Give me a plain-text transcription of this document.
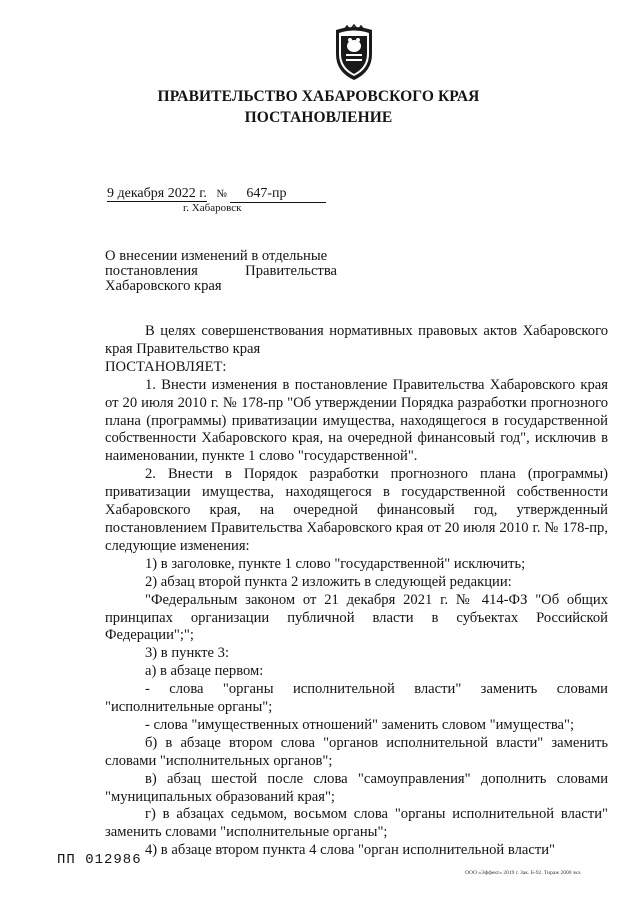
ПРАВИТЕЛЬСТВО ХАБАРОВСКОГО КРАЯ
ПОСТАНОВЛЕНИЕ
9 декабря 2022 г. № 647-пр
г. Хабаровск
О внесении изменений в отдельные
постановления Правительства
Хабаровского края

В целях совершенствования нормативных правовых актов Хабаровского края Правительство края

ПОСТАНОВЛЯЕТ:

1. Внести изменения в постановление Правительства Хабаровского края от 20 июля 2010 г. № 178-пр "Об утверждении Порядка разработки прогнозного плана (программы) приватизации имущества, находящегося в государственной собственности Хабаровского края, на очередной финансовый год", исключив в наименовании, пункте 1 слово "государственной".

2. Внести в Порядок разработки прогнозного плана (программы) приватизации имущества, находящегося в государственной собственности Хабаровского края, на очередной финансовый год, утвержденный постановлением Правительства Хабаровского края от 20 июля 2010 г. № 178-пр, следующие изменения:

1) в заголовке, пункте 1 слово "государственной" исключить;

2) абзац второй пункта 2 изложить в следующей редакции:

"Федеральным законом от 21 декабря 2021 г. № 414-ФЗ "Об общих принципах организации публичной власти в субъектах Российской Федерации";";

3) в пункте 3:

а) в абзаце первом:

- слова "органы исполнительной власти" заменить словами "исполнительные органы";

- слова "имущественных отношений" заменить словом "имущества";

б) в абзаце втором слова "органов исполнительной власти" заменить словами "исполнительных органов";

в) абзац шестой после слова "самоуправления" дополнить словами "муниципальных образований края";

г) в абзацах седьмом, восьмом слова "органы исполнительной власти" заменить словами "исполнительные органы";

4) в абзаце втором пункта 4 слова "орган исполнительной власти"

ПП 012986
ООО «Эффект» 2019 г. Зак. Б-92. Тираж 2000 экз.
